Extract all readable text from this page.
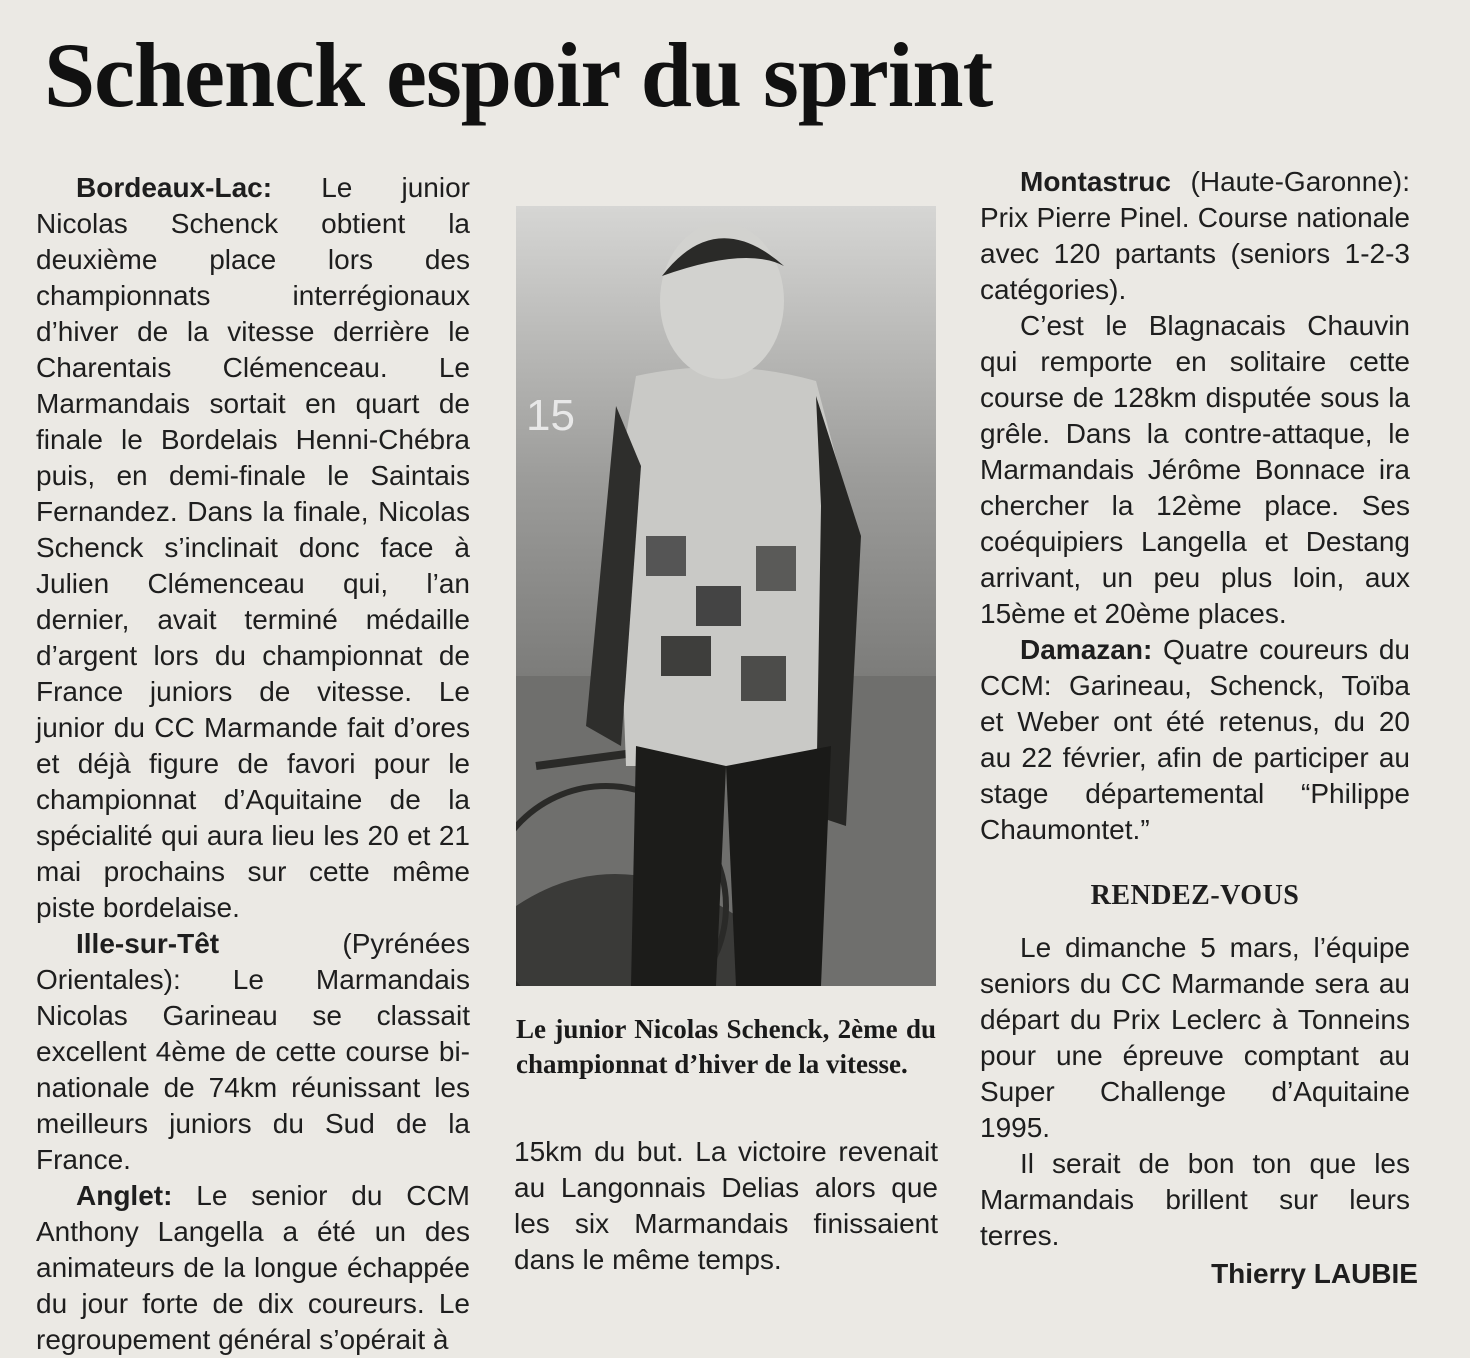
Schenck espoir du sprint

Bordeaux-Lac: Le junior Nicolas Schenck obtient la deuxième place lors des championnats interrégionaux d’hiver de la vitesse derrière le Charentais Clémenceau. Le Marmandais sortait en quart de finale le Bordelais Henni-Chébra puis, en demi-finale le Saintais Fernandez. Dans la finale, Nicolas Schenck s’inclinait donc face à Julien Clémenceau qui, l’an dernier, avait terminé médaille d’argent lors du championnat de France juniors de vitesse. Le junior du CC Marmande fait d’ores et déjà figure de favori pour le championnat d’Aquitaine de la spécialité qui aura lieu les 20 et 21 mai prochains sur cette même piste bordelaise.

Ille-sur-Têt (Pyrénées Orientales): Le Marmandais Nicolas Garineau se classait excellent 4ème de cette course bi-nationale de 74km réunissant les meilleurs juniors du Sud de la France.

Anglet: Le senior du CCM Anthony Langella a été un des animateurs de la longue échappée du jour forte de dix coureurs. Le regroupement général s’opérait à

15

Le junior Nicolas Schenck, 2ème du championnat d’hiver de la vitesse.

15km du but. La victoire revenait au Langonnais Delias alors que les six Marmandais finissaient dans le même temps.

Montastruc (Haute-Garonne): Prix Pierre Pinel. Course nationale avec 120 partants (seniors 1-2-3 catégories).

C’est le Blagnacais Chauvin qui remporte en solitaire cette course de 128km disputée sous la grêle. Dans la contre-attaque, le Marmandais Jérôme Bonnace ira chercher la 12ème place. Ses coéquipiers Langella et Destang arrivant, un peu plus loin, aux 15ème et 20ème places.

Damazan: Quatre coureurs du CCM: Garineau, Schenck, Toïba et Weber ont été retenus, du 20 au 22 février, afin de participer au stage départemental “Philippe Chaumontet.”

RENDEZ-VOUS

Le dimanche 5 mars, l’équipe seniors du CC Marmande sera au départ du Prix Leclerc à Tonneins pour une épreuve comptant au Super Challenge d’Aquitaine 1995.

Il serait de bon ton que les Marmandais brillent sur leurs terres.

Thierry LAUBIE
